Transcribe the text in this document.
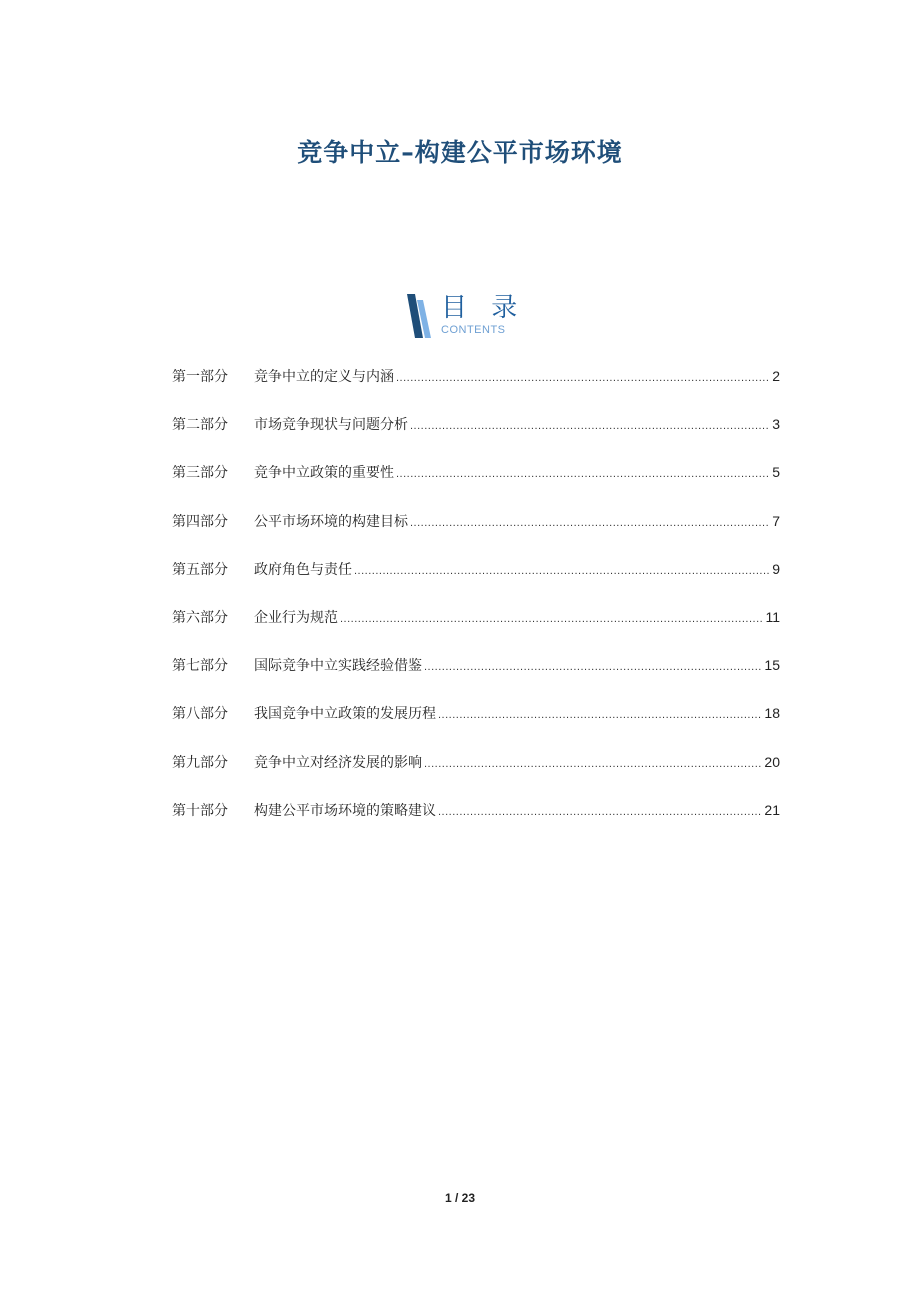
竞争中立–构建公平市场环境
目 录
CONTENTS
第一部分	竞争中立的定义与内涵 .....	2
第二部分	市场竞争现状与问题分析 .....	3
第三部分	竞争中立政策的重要性 .....	5
第四部分	公平市场环境的构建目标 .....	7
第五部分	政府角色与责任 .....	9
第六部分	企业行为规范 .....	11
第七部分	国际竞争中立实践经验借鉴 .....	15
第八部分	我国竞争中立政策的发展历程 .....	18
第九部分	竞争中立对经济发展的影响 .....	20
第十部分	构建公平市场环境的策略建议 .....	21
1 / 23
